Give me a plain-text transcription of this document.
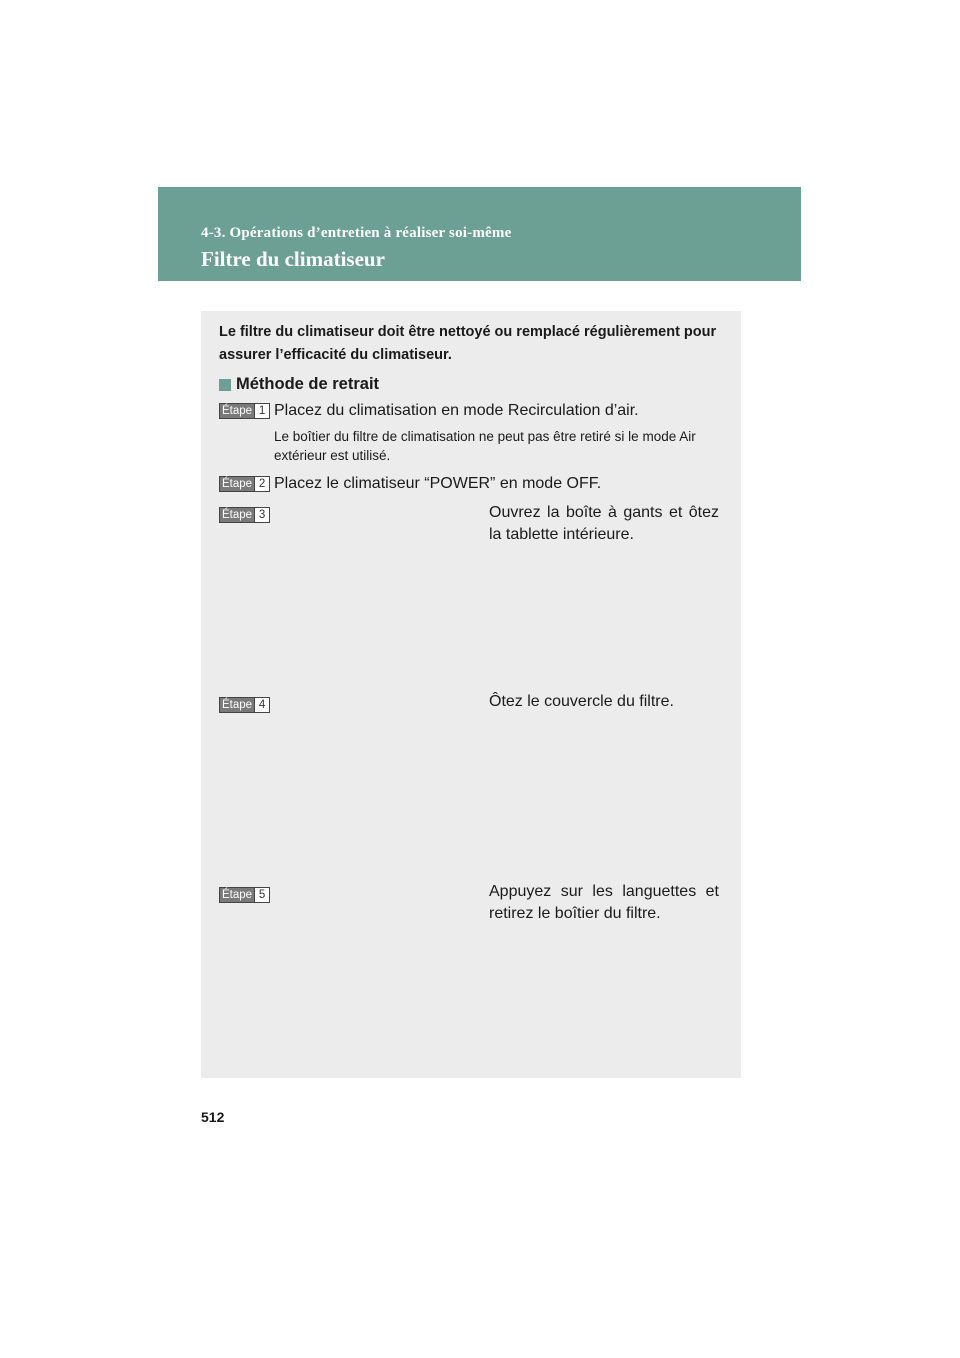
4-3. Opérations d’entretien à réaliser soi-même
Filtre du climatiseur
Le filtre du climatiseur doit être nettoyé ou remplacé régulièrement pour assurer l’efficacité du climatiseur.
Méthode de retrait
Étape 1 Placez du climatisation en mode Recirculation d’air.
Le boîtier du filtre de climatisation ne peut pas être retiré si le mode Air extérieur est utilisé.
Étape 2 Placez le climatiseur “POWER” en mode OFF.
Étape 3	Ouvrez la boîte à gants et ôtez la tablette intérieure.
Étape 4	Ôtez le couvercle du filtre.
Étape 5	Appuyez sur les languettes et retirez le boîtier du filtre.
512
